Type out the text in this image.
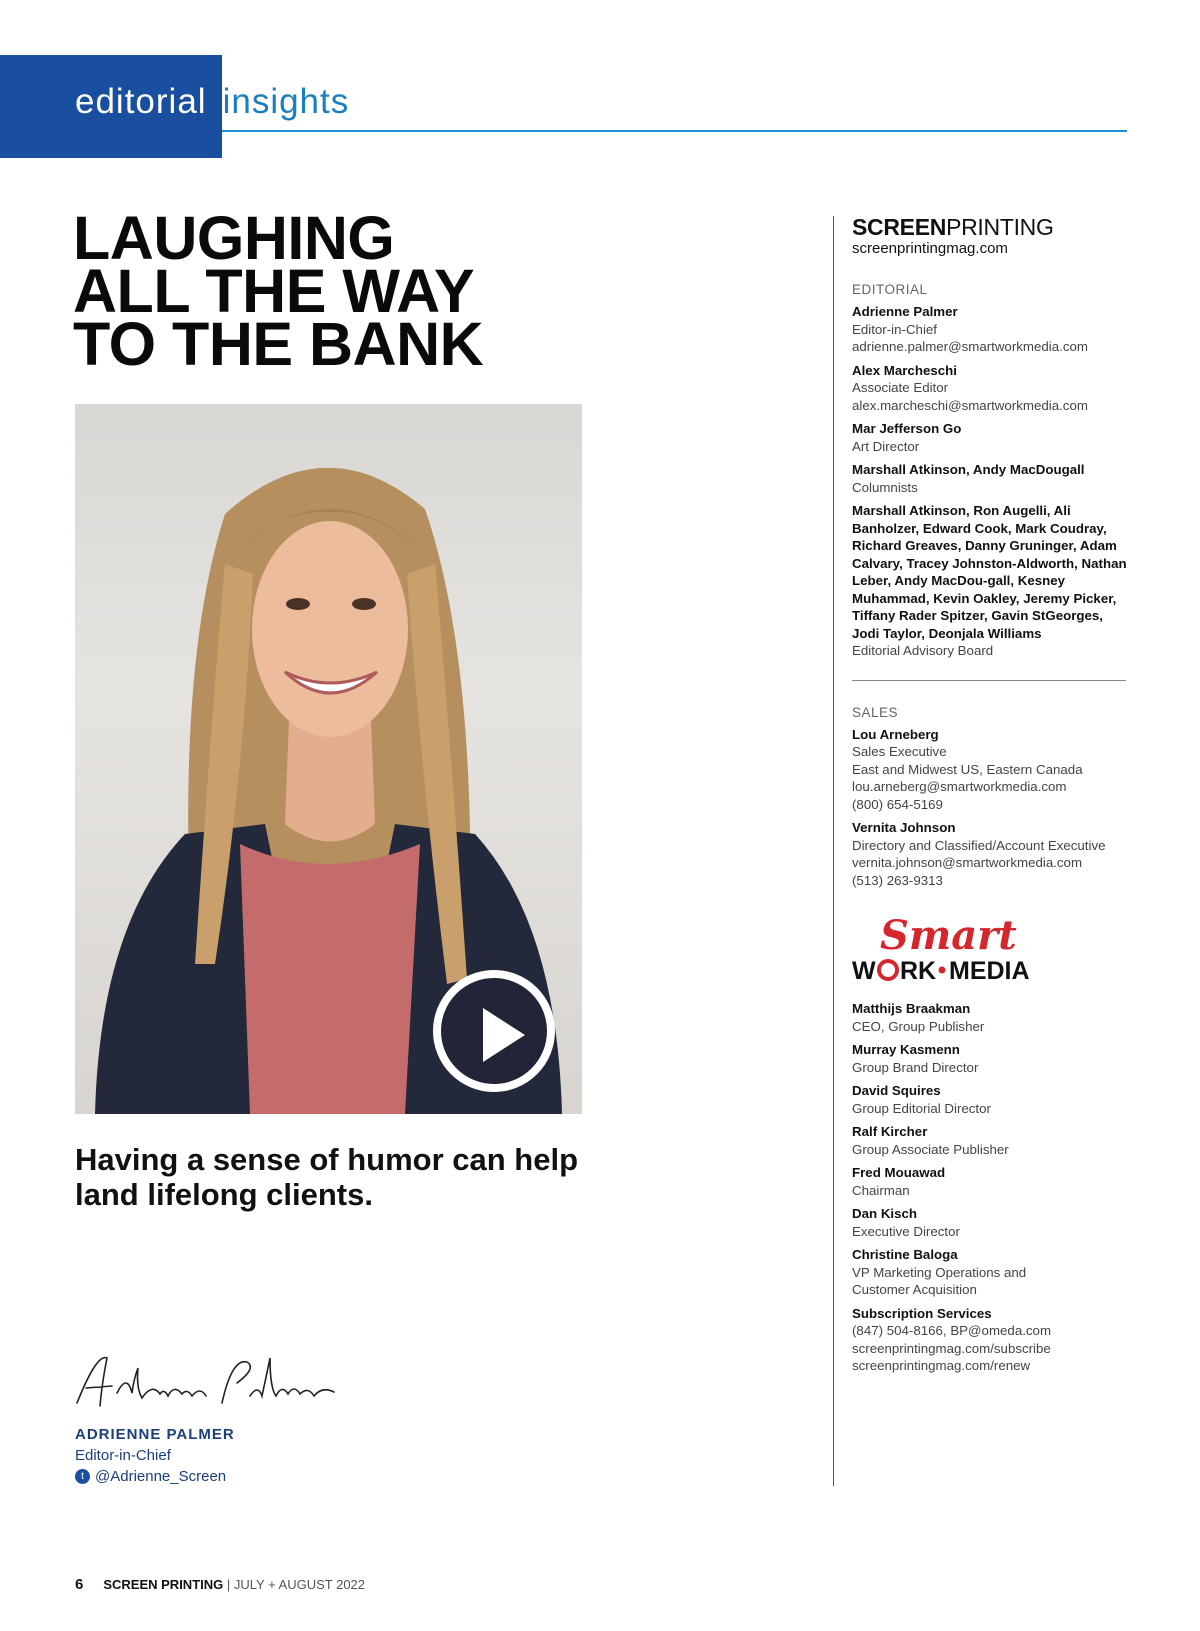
editorial insights
LAUGHING
ALL THE WAY
TO THE BANK

Having a sense of humor can help land lifelong clients.

ADRIENNE PALMER
Editor-in-Chief
t @Adrienne_Screen
SCREENPRINTING
screenprintingmag.com
EDITORIAL
Adrienne Palmer
Editor-in-Chief
adrienne.palmer@smartworkmedia.com
Alex Marcheschi
Associate Editor
alex.marcheschi@smartworkmedia.com
Mar Jefferson Go
Art Director
Marshall Atkinson, Andy MacDougall
Columnists
Marshall Atkinson, Ron Augelli, Ali Banholzer, Edward Cook, Mark Coudray, Richard Greaves, Danny Gruninger, Adam Calvary, Tracey Johnston-Aldworth, Nathan Leber, Andy MacDou-gall, Kesney Muhammad, Kevin Oakley, Jeremy Picker, Tiffany Rader Spitzer, Gavin StGeorges, Jodi Taylor, Deonjala Williams
Editorial Advisory Board
SALES
Lou Arneberg
Sales Executive
East and Midwest US, Eastern Canada
lou.arneberg@smartworkmedia.com
(800) 654-5169
Vernita Johnson
Directory and Classified/Account Executive
vernita.johnson@smartworkmedia.com
(513) 263-9313
Smart
W RK MEDIA
Matthijs Braakman
CEO, Group Publisher
Murray Kasmenn
Group Brand Director
David Squires
Group Editorial Director
Ralf Kircher
Group Associate Publisher
Fred Mouawad
Chairman
Dan Kisch
Executive Director
Christine Baloga
VP Marketing Operations and
Customer Acquisition
Subscription Services
(847) 504-8166, BP@omeda.com
screenprintingmag.com/subscribe
screenprintingmag.com/renew
6 SCREEN PRINTING | JULY + AUGUST 2022
